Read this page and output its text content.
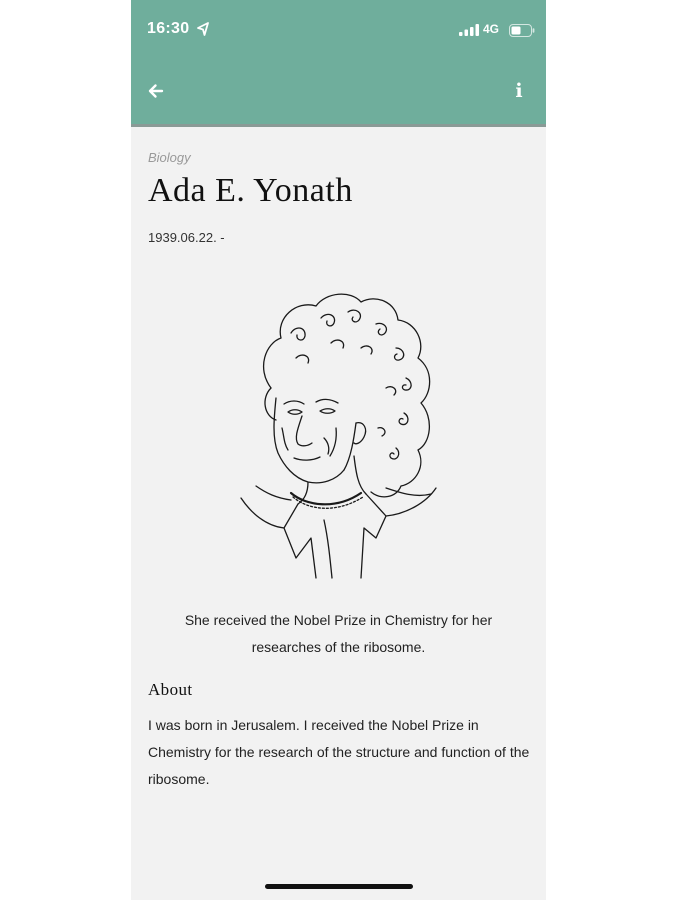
16:30	4G
i
Biology
Ada E. Yonath
1939.06.22. -
She received the Nobel Prize in Chemistry for her researches of the ribosome.
About
I was born in Jerusalem. I received the Nobel Prize in Chemistry for the research of the structure and function of the ribosome.
